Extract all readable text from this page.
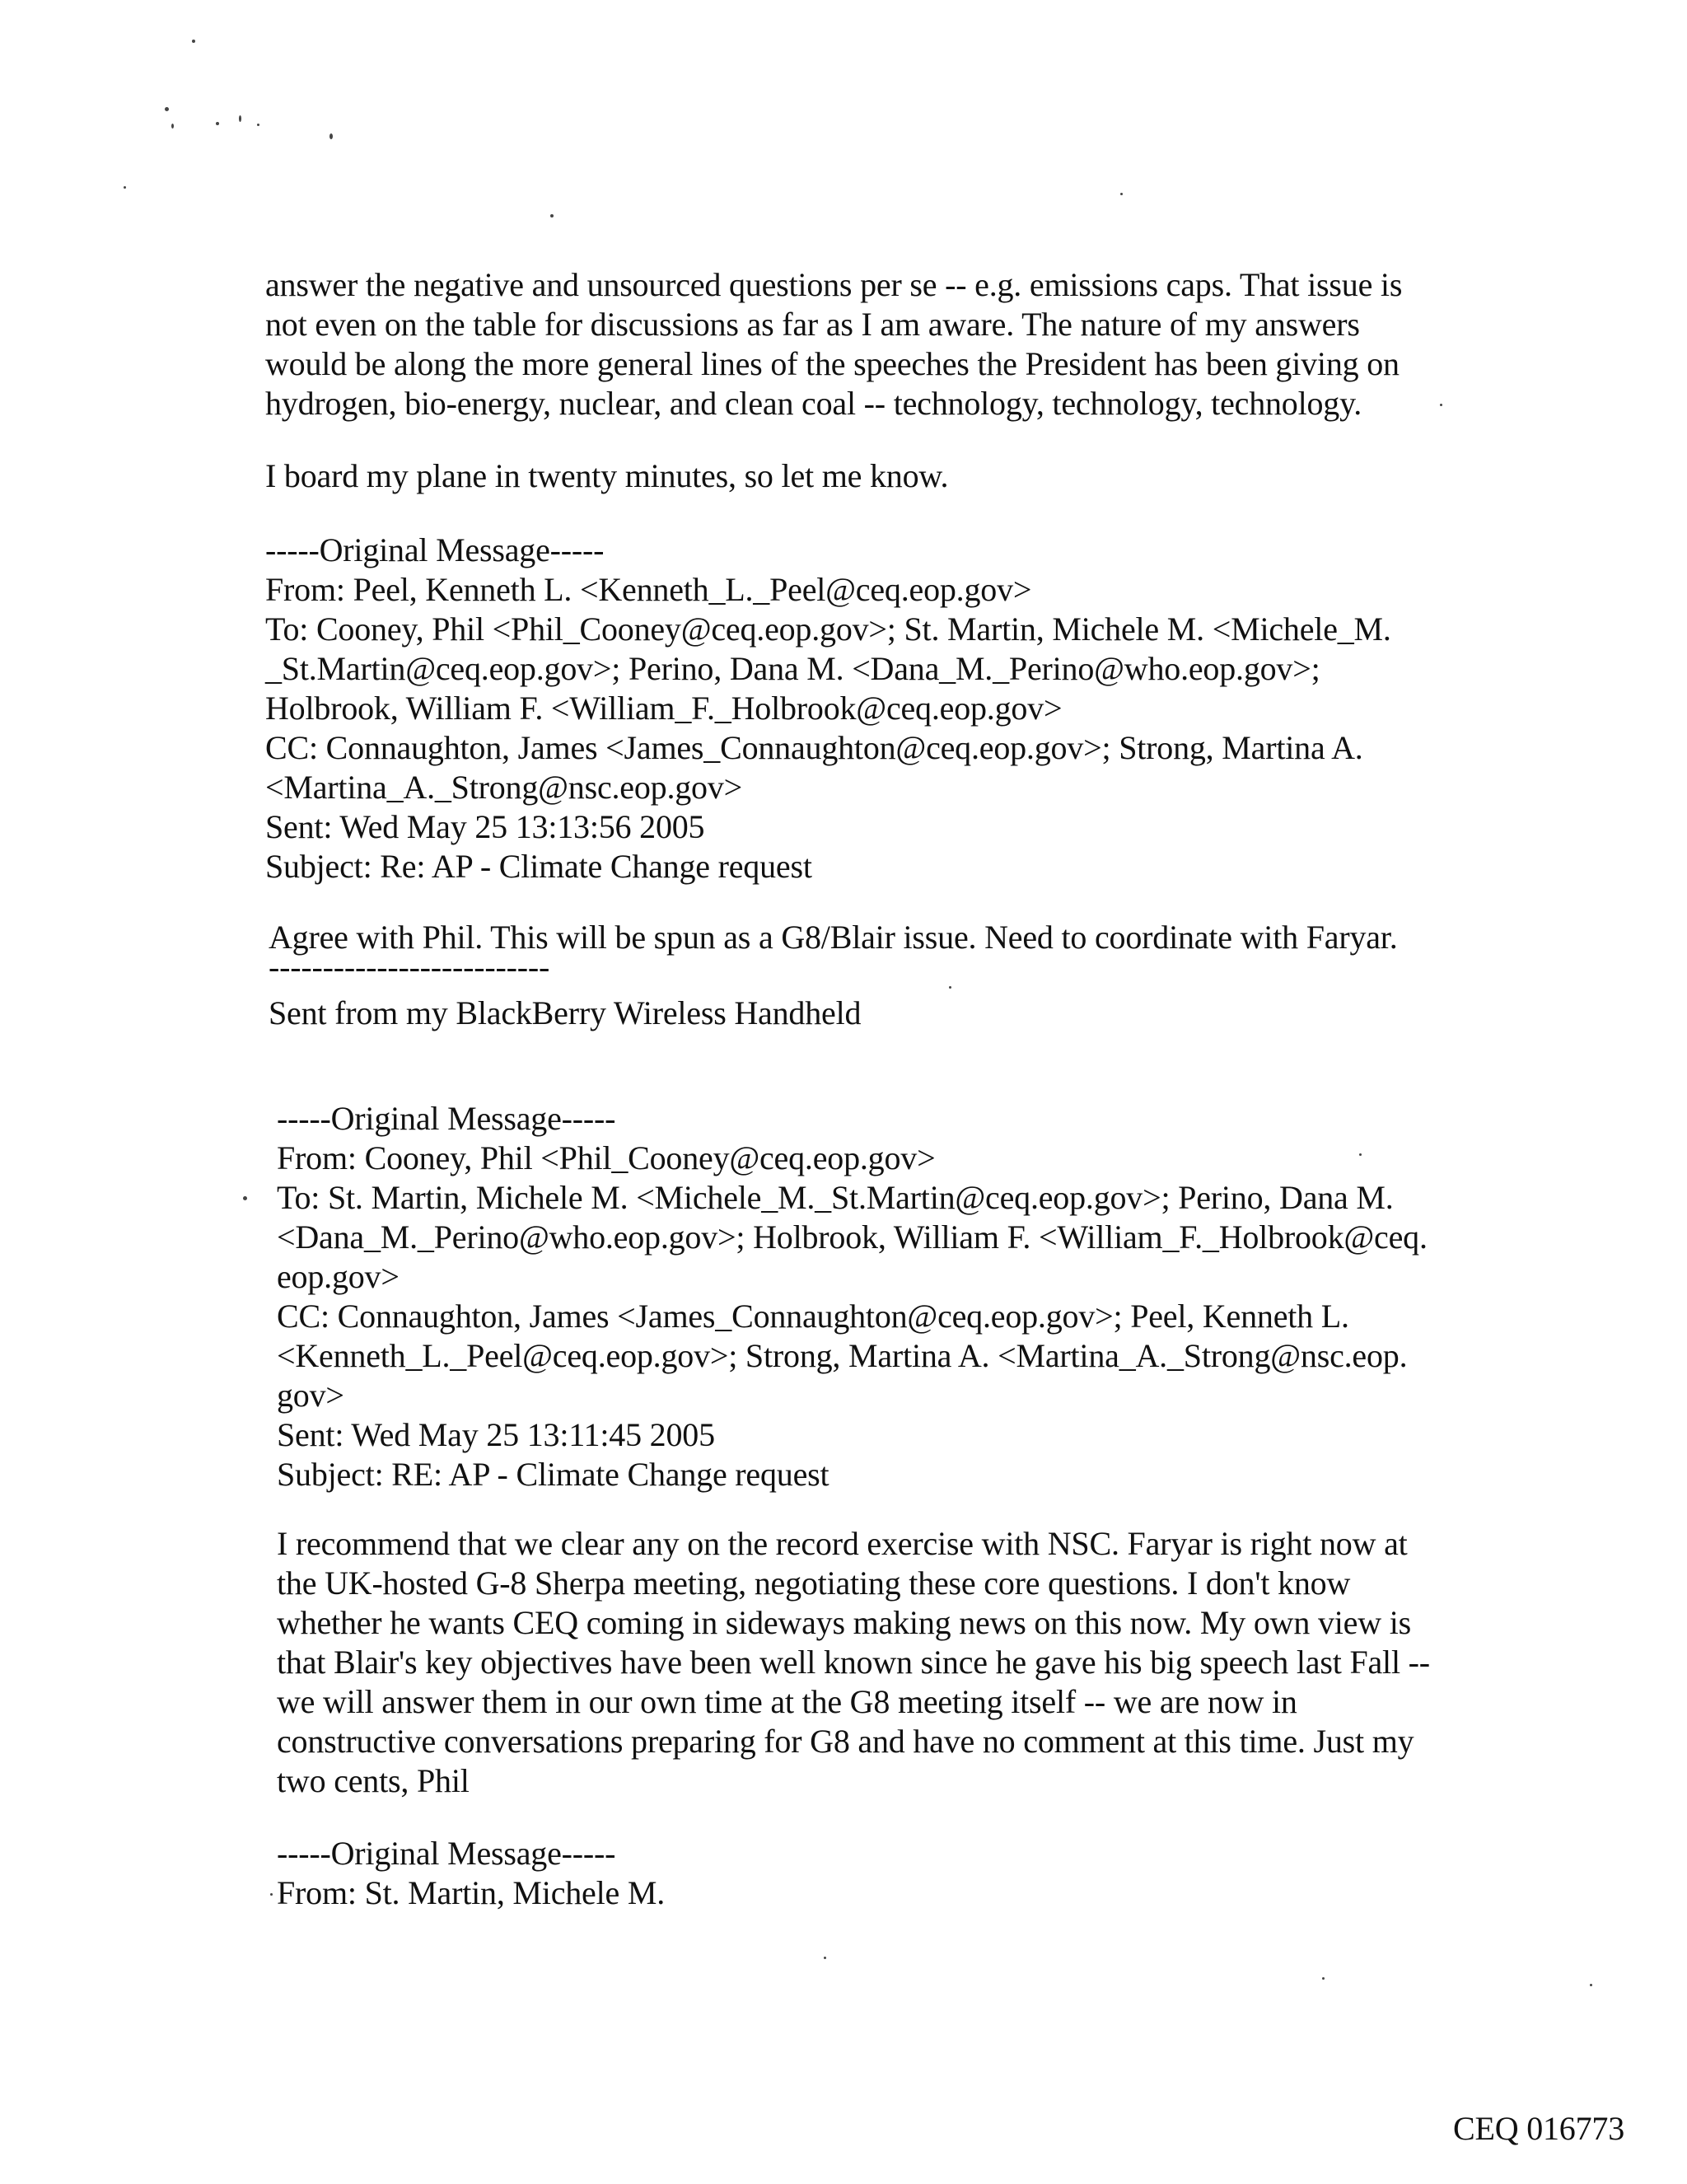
answer the negative and unsourced questions per se -- e.g. emissions caps. That issue is
not even on the table for discussions as far as I am aware. The nature of my answers
would be along the more general lines of the speeches the President has been giving on
hydrogen, bio-energy, nuclear, and clean coal -- technology, technology, technology.
I board my plane in twenty minutes, so let me know.
-----Original Message-----
From: Peel, Kenneth L. <Kenneth_L._Peel@ceq.eop.gov>
To: Cooney, Phil <Phil_Cooney@ceq.eop.gov>; St. Martin, Michele M. <Michele_M.
_St.Martin@ceq.eop.gov>; Perino, Dana M. <Dana_M._Perino@who.eop.gov>;
Holbrook, William F. <William_F._Holbrook@ceq.eop.gov>
CC: Connaughton, James <James_Connaughton@ceq.eop.gov>; Strong, Martina A.
<Martina_A._Strong@nsc.eop.gov>
Sent: Wed May 25 13:13:56 2005
Subject: Re: AP - Climate Change request
Agree with Phil. This will be spun as a G8/Blair issue. Need to coordinate with Faryar.
--------------------------
Sent from my BlackBerry Wireless Handheld
-----Original Message-----
From: Cooney, Phil <Phil_Cooney@ceq.eop.gov>
To: St. Martin, Michele M. <Michele_M._St.Martin@ceq.eop.gov>; Perino, Dana M.
<Dana_M._Perino@who.eop.gov>; Holbrook, William F. <William_F._Holbrook@ceq.
eop.gov>
CC: Connaughton, James <James_Connaughton@ceq.eop.gov>; Peel, Kenneth L.
<Kenneth_L._Peel@ceq.eop.gov>; Strong, Martina A. <Martina_A._Strong@nsc.eop.
gov>
Sent: Wed May 25 13:11:45 2005
Subject: RE: AP - Climate Change request
I recommend that we clear any on the record exercise with NSC. Faryar is right now at
the UK-hosted G-8 Sherpa meeting, negotiating these core questions. I don't know
whether he wants CEQ coming in sideways making news on this now. My own view is
that Blair's key objectives have been well known since he gave his big speech last Fall --
we will answer them in our own time at the G8 meeting itself -- we are now in
constructive conversations preparing for G8 and have no comment at this time. Just my
two cents, Phil
-----Original Message-----
From: St. Martin, Michele M.
CEQ 016773
